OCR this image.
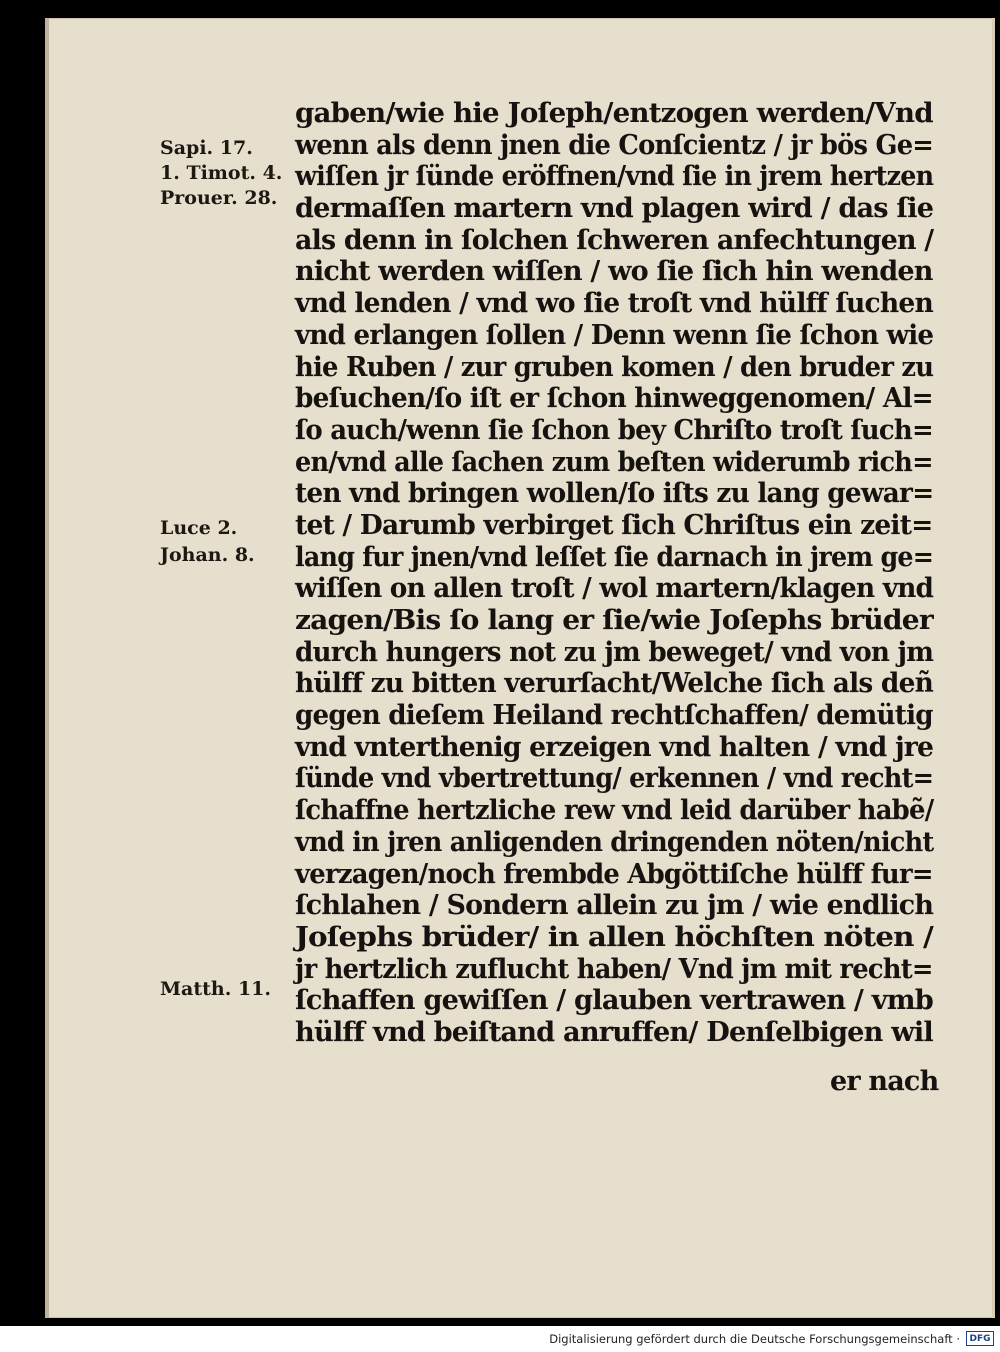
Sapi. 17.
1. Timot. 4.
Prouer. 28.
Luce 2.
Johan. 8.
Matth. 11.
gaben/wie hie Joſeph/entzogen werden/Vnd
wenn als denn jnen die Conſcientz / jr bös Ge=
wiſſen jr ſünde eröffnen/vnd ſie in jrem hertzen
dermaſſen martern vnd plagen wird / das ſie
als denn in ſolchen ſchweren anfechtungen /
nicht werden wiſſen / wo ſie ſich hin wenden
vnd lenden / vnd wo ſie troſt vnd hülff ſuchen
vnd erlangen ſollen / Denn wenn ſie ſchon wie
hie Ruben / zur gruben komen / den bruder zu
beſuchen/ſo iſt er ſchon hinweggenomen/ Al=
ſo auch/wenn ſie ſchon bey Chriſto troſt ſuch=
en/vnd alle ſachen zum beſten widerumb rich=
ten vnd bringen wollen/ſo iſts zu lang gewar=
tet / Darumb verbirget ſich Chriſtus ein zeit=
lang fur jnen/vnd leſſet ſie darnach in jrem ge=
wiſſen on allen troſt / wol martern/klagen vnd
zagen/Bis ſo lang er ſie/wie Joſephs brüder
durch hungers not zu jm beweget/ vnd von jm
hülff zu bitten verurſacht/Welche ſich als deñ
gegen dieſem Heiland rechtſchaffen/ demütig
vnd vnterthenig erzeigen vnd halten / vnd jre
ſünde vnd vbertrettung/ erkennen / vnd recht=
ſchaffne hertzliche rew vnd leid darüber habẽ/
vnd in jren anligenden dringenden nöten/nicht
verzagen/noch frembde Abgöttiſche hülff fur=
ſchlahen / Sondern allein zu jm / wie endlich
Joſephs brüder/ in allen höchſten nöten /
jr hertzlich zuflucht haben/ Vnd jm mit recht=
ſchaffen gewiſſen / glauben vertrawen / vmb
hülff vnd beiſtand anruffen/ Denſelbigen wil
er nach
Digitalisierung gefördert durch die Deutsche Forschungsgemeinschaft ·	DFG
